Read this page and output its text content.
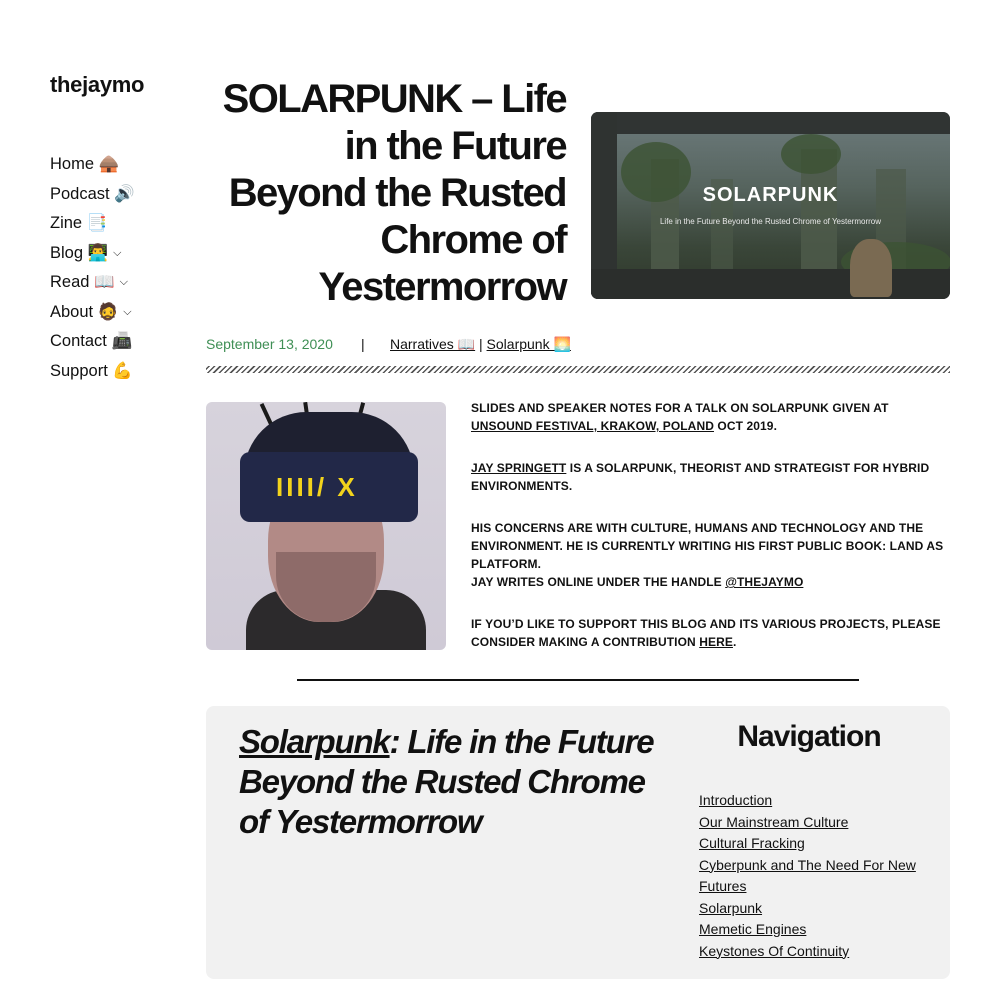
thejaymo
Home 🛖
Podcast 🔊
Zine 📑
Blog 👨‍💻 ⌵
Read 📖 ⌵
About 🧔 ⌵
Contact 📠
Support 💪
SOLARPUNK – Life in the Future Beyond the Rusted Chrome of Yestermorrow
SOLARPUNK
Life in the Future Beyond the Rusted Chrome of Yestermorrow
September 13, 2020 | Narratives 📖 | Solarpunk 🌅
IIII/ X

SLIDES AND SPEAKER NOTES FOR A TALK ON SOLARPUNK GIVEN AT UNSOUND FESTIVAL, KRAKOW, POLAND OCT 2019.

JAY SPRINGETT IS A SOLARPUNK, THEORIST AND STRATEGIST FOR HYBRID ENVIRONMENTS.

HIS CONCERNS ARE WITH CULTURE, HUMANS AND TECHNOLOGY AND THE ENVIRONMENT. HE IS CURRENTLY WRITING HIS FIRST PUBLIC BOOK: LAND AS PLATFORM.
JAY WRITES ONLINE UNDER THE HANDLE @THEJAYMO

IF YOU’D LIKE TO SUPPORT THIS BLOG AND ITS VARIOUS PROJECTS, PLEASE CONSIDER MAKING A CONTRIBUTION HERE.

Solarpunk: Life in the Future Beyond the Rusted Chrome of Yestermorrow
Navigation
Introduction
Our Mainstream Culture
Cultural Fracking
Cyberpunk and The Need For New Futures
Solarpunk
Memetic Engines
Keystones Of Continuity
